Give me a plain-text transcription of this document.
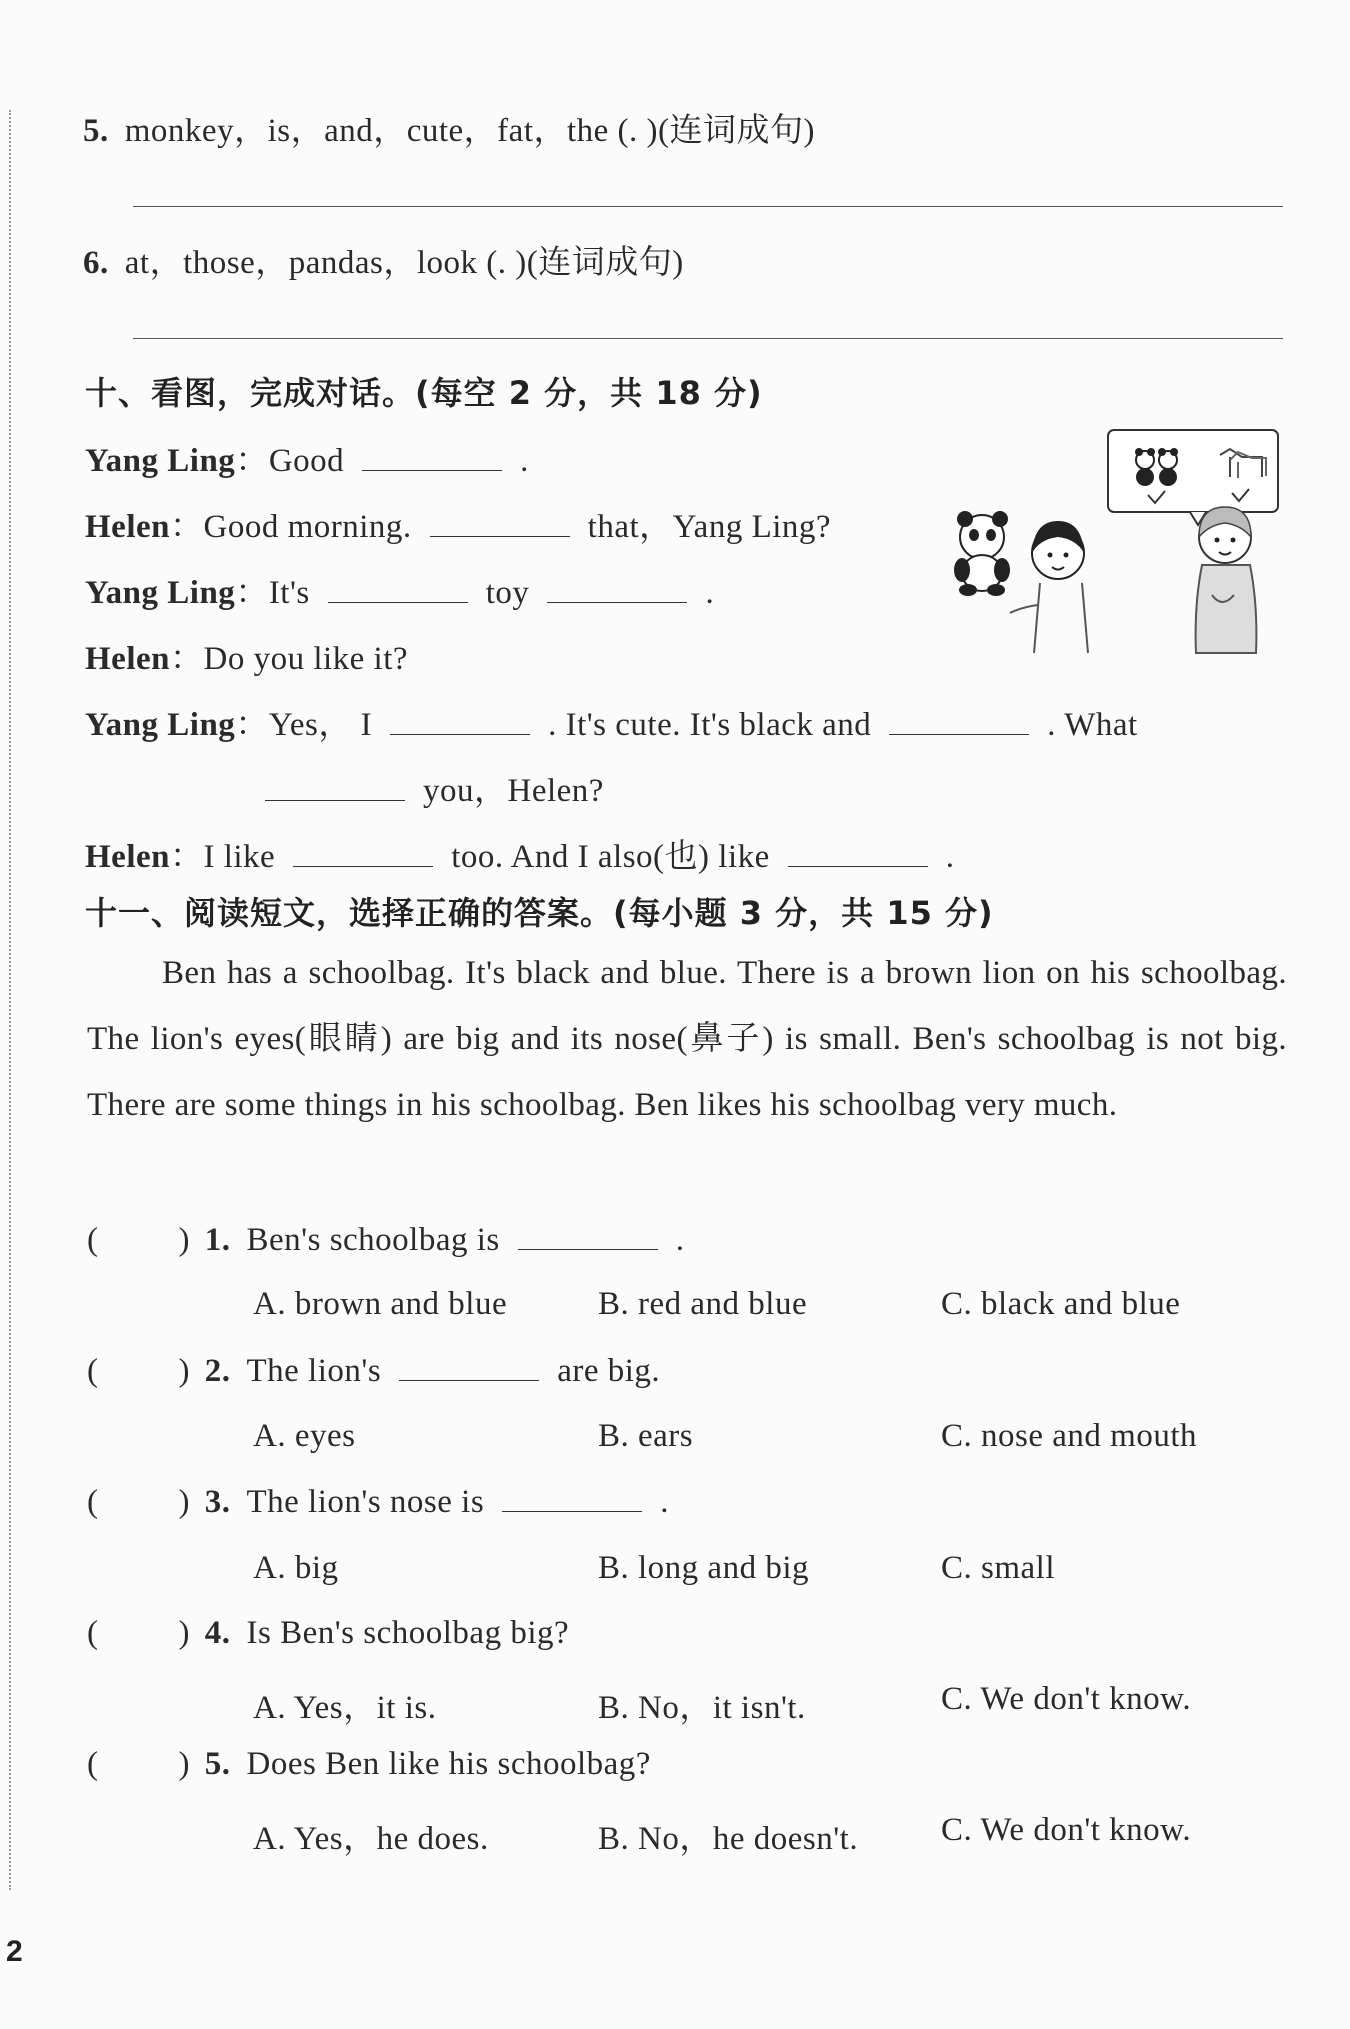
5. monkey，is，and，cute，fat，the (. )(连词成句)
6. at，those，pandas，look (. )(连词成句)
十、看图，完成对话。(每空 2 分，共 18 分)
Yang Ling：Good	.
Helen：Good morning.	that，Yang Ling?
Yang Ling：It's	toy	.
Helen：Do you like it?
Yang Ling：Yes， I	. It's cute. It's black and	. What
you，Helen?
Helen：I like	too. And I also(也) like	.
十一、阅读短文，选择正确的答案。(每小题 3 分，共 15 分)

Ben has a schoolbag. It's black and blue. There is a brown lion on his schoolbag. The lion's eyes(眼睛) are big and its nose(鼻子) is small. Ben's schoolbag is not big. There are some things in his schoolbag. Ben likes his schoolbag very much.

( ) 1. Ben's schoolbag is	.
A. brown and blue	B. red and blue	C. black and blue
( ) 2. The lion's	are big.
A. eyes	B. ears	C. nose and mouth
( ) 3. The lion's nose is	.
A. big	B. long and big	C. small
( ) 4. Is Ben's schoolbag big?
A. Yes，it is.	B. No，it isn't.	C. We don't know.
( ) 5. Does Ben like his schoolbag?
A. Yes，he does.	B. No，he doesn't.	C. We don't know.
2
